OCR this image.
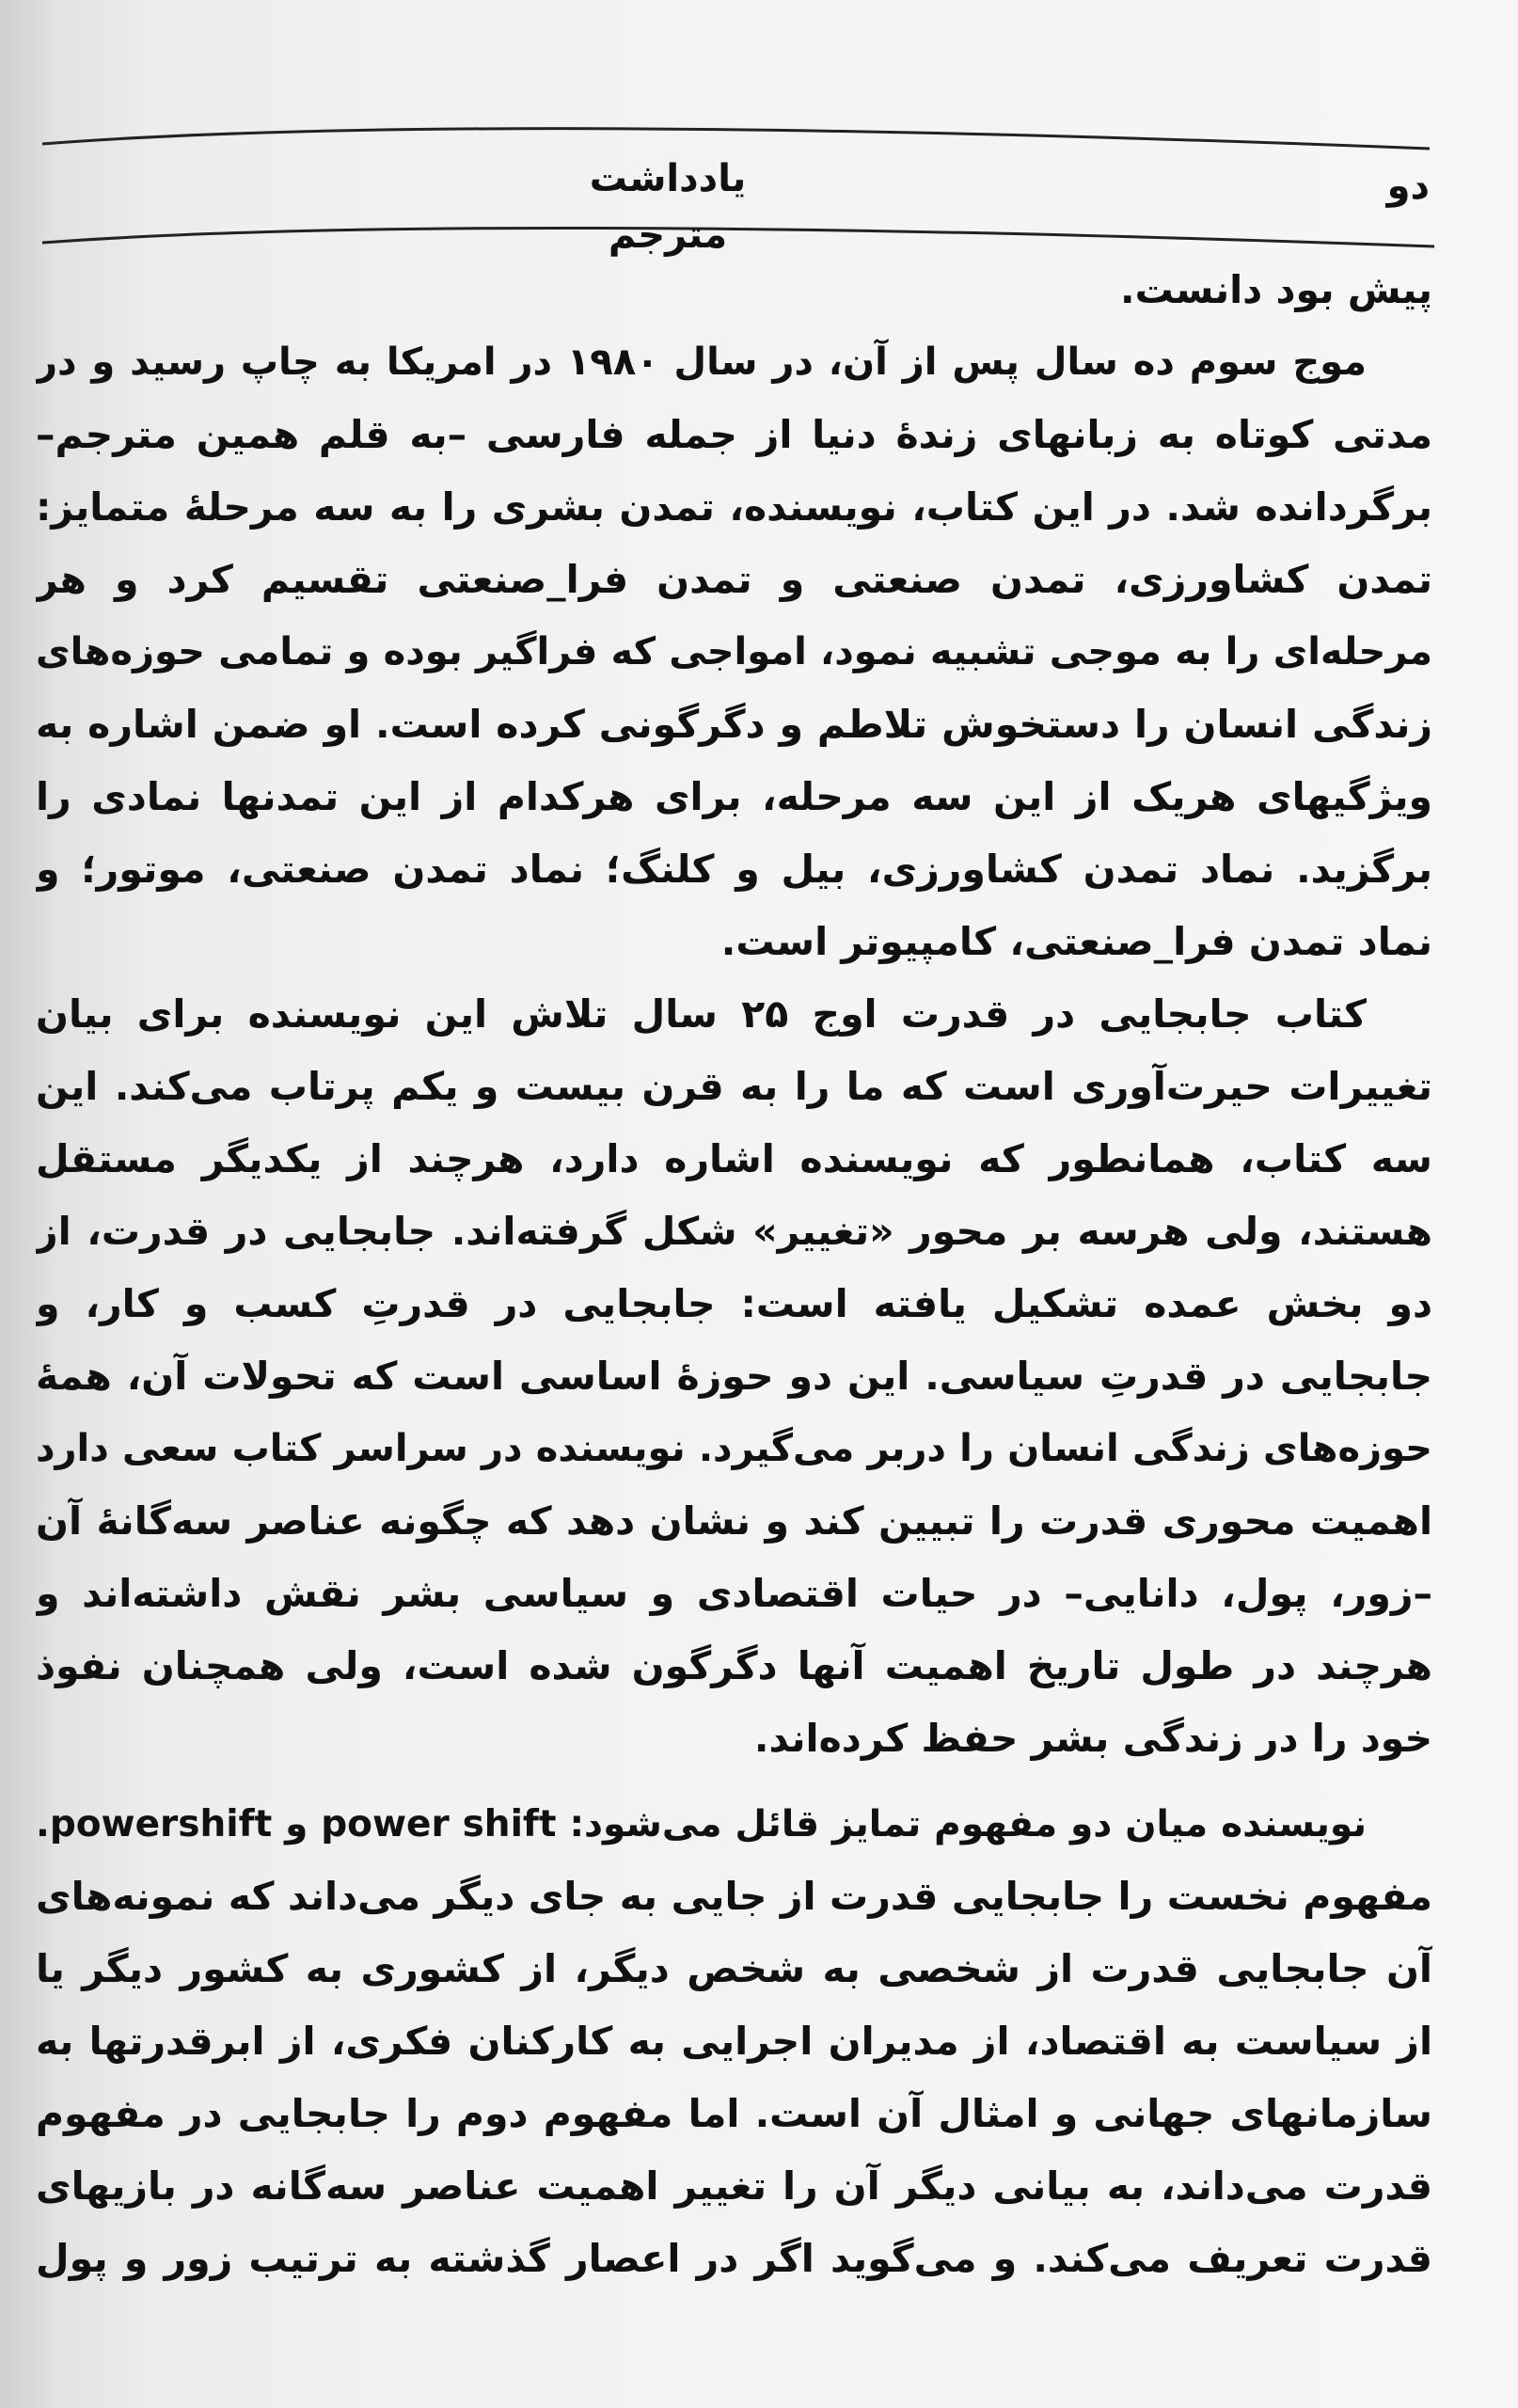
دو
یادداشت مترجم
پیش بود دانست.
موج سوم ده سال پس از آن، در سال ۱۹۸۰ در امریکا به چاپ رسید و در
مدتی کوتاه به زبانهای زندهٔ دنیا از جمله فارسی –به قلم همین مترجم–
برگردانده شد. در این کتاب، نویسنده، تمدن بشری را به سه مرحلهٔ متمایز:
تمدن کشاورزی، تمدن صنعتی و تمدن فرا_صنعتی تقسیم کرد و هر
مرحله‌ای را به موجی تشبیه نمود، امواجی که فراگیر بوده و تمامی حوزه‌های
زندگی انسان را دستخوش تلاطم و دگرگونی کرده است. او ضمن اشاره به
ویژگیهای هریک از این سه مرحله، برای هرکدام از این تمدنها نمادی را
برگزید. نماد تمدن کشاورزی، بیل و کلنگ؛ نماد تمدن صنعتی، موتور؛ و
نماد تمدن فرا_صنعتی، کامپیوتر است.
کتاب جابجایی در قدرت اوج ۲۵ سال تلاش این نویسنده برای بیان
تغییرات حیرت‌آوری است که ما را به قرن بیست و یکم پرتاب می‌کند. این
سه کتاب، همانطور که نویسنده اشاره دارد، هرچند از یکدیگر مستقل
هستند، ولی هرسه بر محور «تغییر» شکل گرفته‌اند. جابجایی در قدرت، از
دو بخش عمده تشکیل یافته است: جابجایی در قدرتِ کسب و کار، و
جابجایی در قدرتِ سیاسی. این دو حوزهٔ اساسی است که تحولات آن، همهٔ
حوزه‌های زندگی انسان را دربر می‌گیرد. نویسنده در سراسر کتاب سعی دارد
اهمیت محوری قدرت را تبیین کند و نشان دهد که چگونه عناصر سه‌گانهٔ آن
–زور، پول، دانایی– در حیات اقتصادی و سیاسی بشر نقش داشته‌اند و
هرچند در طول تاریخ اهمیت آنها دگرگون شده است، ولی همچنان نفوذ
خود را در زندگی بشر حفظ کرده‌اند.
نویسنده میان دو مفهوم تمایز قائل می‌شود: power shift و powershift.
مفهوم نخست را جابجایی قدرت از جایی به جای دیگر می‌داند که نمونه‌های
آن جابجایی قدرت از شخصی به شخص دیگر، از کشوری به کشور دیگر یا
از سیاست به اقتصاد، از مدیران اجرایی به کارکنان فکری، از ابرقدرتها به
سازمانهای جهانی و امثال آن است. اما مفهوم دوم را جابجایی در مفهوم
قدرت می‌داند، به بیانی دیگر آن را تغییر اهمیت عناصر سه‌گانه در بازیهای
قدرت تعریف می‌کند. و می‌گوید اگر در اعصار گذشته به ترتیب زور و پول
